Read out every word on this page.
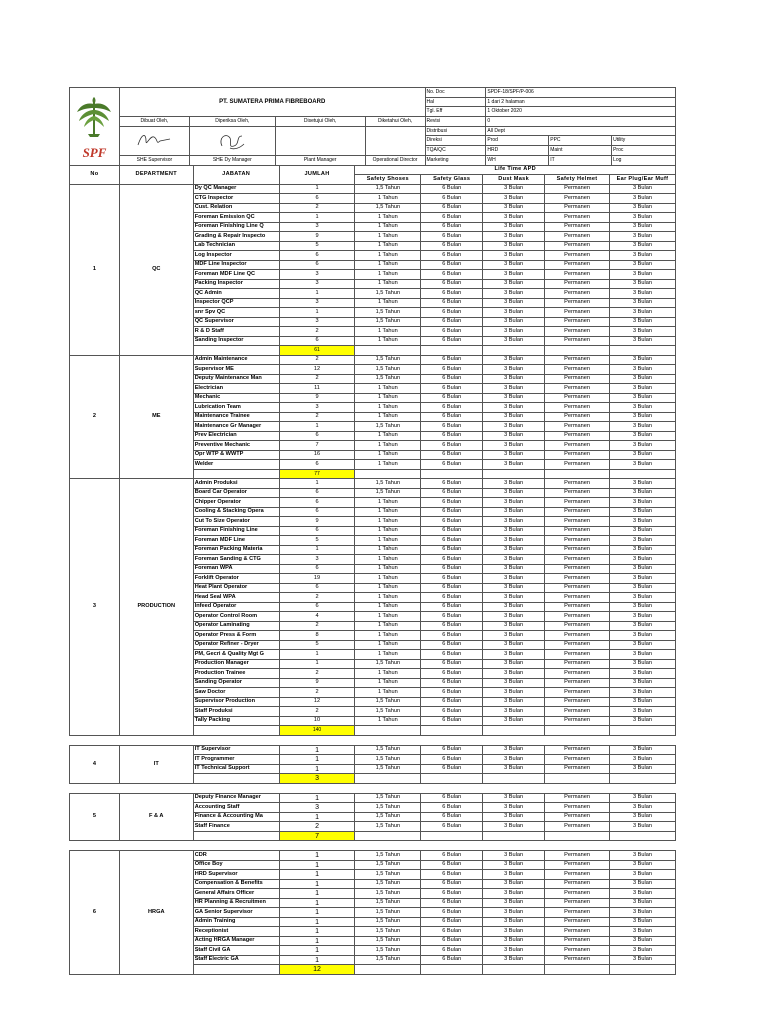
SPF	PT. SUMATERA PRIMA FIBREBOARD				No. Doc	SPDF-18/SPF/P-006		
					Hal	1 dari 2 halaman		
					Tgl. Eff	1 Oktober 2020		
	Dibuat Oleh,	Diperiksa Oleh,	Disetujui Oleh,	Diketahui Oleh,	Revisi	0		
				Distribusi	All Dept		
					Direksi	Prod	PPC	Utility
					TQA/QC	HRD	Maint	Proc
					Marketing	WH	IT	Log
	SHE Supervisor	SHE Dy Manager	Plant Manager	Operational Director				
No	DEPARTMENT	JABATAN	JUMLAH	Life Time APD				
				Safety Shoses	Safety Glass	Dust Mask	Safety Helmet	Ear Plug/Ear Muff
1	QC	Dy QC Manager	1	1,5 Tahun	6 Bulan	3 Bulan	Permanen	3 Bulan
		CTG Inspector	6	1 Tahun	6 Bulan	3 Bulan	Permanen	3 Bulan
		Cust. Relation	2	1,5 Tahun	6 Bulan	3 Bulan	Permanen	3 Bulan
		Foreman Emission QC	1	1 Tahun	6 Bulan	3 Bulan	Permanen	3 Bulan
		Foreman Finishing Line Q	3	1 Tahun	6 Bulan	3 Bulan	Permanen	3 Bulan
		Grading & Repair Inspecto	9	1 Tahun	6 Bulan	3 Bulan	Permanen	3 Bulan
		Lab Technician	5	1 Tahun	6 Bulan	3 Bulan	Permanen	3 Bulan
		Log Inspector	6	1 Tahun	6 Bulan	3 Bulan	Permanen	3 Bulan
		MDF Line Inspector	6	1 Tahun	6 Bulan	3 Bulan	Permanen	3 Bulan
		Foreman MDF Line QC	3	1 Tahun	6 Bulan	3 Bulan	Permanen	3 Bulan
		Packing Inspector	3	1 Tahun	6 Bulan	3 Bulan	Permanen	3 Bulan
		QC Admin	1	1,5 Tahun	6 Bulan	3 Bulan	Permanen	3 Bulan
		Inspector QCP	3	1 Tahun	6 Bulan	3 Bulan	Permanen	3 Bulan
		snr Spv QC	1	1,5 Tahun	6 Bulan	3 Bulan	Permanen	3 Bulan
		QC Supervisor	3	1,5 Tahun	6 Bulan	3 Bulan	Permanen	3 Bulan
		R & D Staff	2	1 Tahun	6 Bulan	3 Bulan	Permanen	3 Bulan
		Sanding Inspector	6	1 Tahun	6 Bulan	3 Bulan	Permanen	3 Bulan
			61					
2	ME	Admin Maintenance	2	1,5 Tahun	6 Bulan	3 Bulan	Permanen	3 Bulan
		Supervisor ME	12	1,5 Tahun	6 Bulan	3 Bulan	Permanen	3 Bulan
		Deputy Maintenance Man	2	1,5 Tahun	6 Bulan	3 Bulan	Permanen	3 Bulan
		Electrician	11	1 Tahun	6 Bulan	3 Bulan	Permanen	3 Bulan
		Mechanic	9	1 Tahun	6 Bulan	3 Bulan	Permanen	3 Bulan
		Lubrication Team	3	1 Tahun	6 Bulan	3 Bulan	Permanen	3 Bulan
		Maintenance Trainee	2	1 Tahun	6 Bulan	3 Bulan	Permanen	3 Bulan
		Maintenance Gr Manager	1	1,5 Tahun	6 Bulan	3 Bulan	Permanen	3 Bulan
		Prev Electrician	6	1 Tahun	6 Bulan	3 Bulan	Permanen	3 Bulan
		Preventive Mechanic	7	1 Tahun	6 Bulan	3 Bulan	Permanen	3 Bulan
		Opr WTP & WWTP	16	1 Tahun	6 Bulan	3 Bulan	Permanen	3 Bulan
		Welder	6	1 Tahun	6 Bulan	3 Bulan	Permanen	3 Bulan
			77					
3	PRODUCTION	Admin Produksi	1	1,5 Tahun	6 Bulan	3 Bulan	Permanen	3 Bulan
		Board Car Operator	6	1,5 Tahun	6 Bulan	3 Bulan	Permanen	3 Bulan
		Chipper Operator	6	1 Tahun	6 Bulan	3 Bulan	Permanen	3 Bulan
		Cooling & Stacking Opera	6	1 Tahun	6 Bulan	3 Bulan	Permanen	3 Bulan
		Cut To Size Operator	9	1 Tahun	6 Bulan	3 Bulan	Permanen	3 Bulan
		Foreman Finishing Line	6	1 Tahun	6 Bulan	3 Bulan	Permanen	3 Bulan
		Foreman MDF Line	5	1 Tahun	6 Bulan	3 Bulan	Permanen	3 Bulan
		Foreman Packing Materia	1	1 Tahun	6 Bulan	3 Bulan	Permanen	3 Bulan
		Foreman Sanding & CTG	3	1 Tahun	6 Bulan	3 Bulan	Permanen	3 Bulan
		Foreman WPA	6	1 Tahun	6 Bulan	3 Bulan	Permanen	3 Bulan
		Forklift Operator	19	1 Tahun	6 Bulan	3 Bulan	Permanen	3 Bulan
		Heat Plant Operator	6	1 Tahun	6 Bulan	3 Bulan	Permanen	3 Bulan
		Head Seal WPA	2	1 Tahun	6 Bulan	3 Bulan	Permanen	3 Bulan
		Infeed Operator	6	1 Tahun	6 Bulan	3 Bulan	Permanen	3 Bulan
		Operator Control Room	4	1 Tahun	6 Bulan	3 Bulan	Permanen	3 Bulan
		Operator Laminating	2	1 Tahun	6 Bulan	3 Bulan	Permanen	3 Bulan
		Operator Press & Form	8	1 Tahun	6 Bulan	3 Bulan	Permanen	3 Bulan
		Operator Refiner - Dryer	5	1 Tahun	6 Bulan	3 Bulan	Permanen	3 Bulan
		PM, Gecri & Quality Mgt G	1	1 Tahun	6 Bulan	3 Bulan	Permanen	3 Bulan
		Production Manager	1	1,5 Tahun	6 Bulan	3 Bulan	Permanen	3 Bulan
		Production Trainee	2	1 Tahun	6 Bulan	3 Bulan	Permanen	3 Bulan
		Sanding Operator	9	1 Tahun	6 Bulan	3 Bulan	Permanen	3 Bulan
		Saw Doctor	2	1 Tahun	6 Bulan	3 Bulan	Permanen	3 Bulan
		Supervisor Production	12	1,5 Tahun	6 Bulan	3 Bulan	Permanen	3 Bulan
		Staff Produksi	2	1,5 Tahun	6 Bulan	3 Bulan	Permanen	3 Bulan
		Tally Packing	10	1 Tahun	6 Bulan	3 Bulan	Permanen	3 Bulan
			140					

4	IT	IT Supervisor	1	1,5 Tahun	6 Bulan	3 Bulan	Permanen	3 Bulan
		IT Programmer	1	1,5 Tahun	6 Bulan	3 Bulan	Permanen	3 Bulan
		IT Technical Support	1	1,5 Tahun	6 Bulan	3 Bulan	Permanen	3 Bulan
			3					

5	F & A	Deputy Finance Manager	1	1,5 Tahun	6 Bulan	3 Bulan	Permanen	3 Bulan
		Accounting Staff	3	1,5 Tahun	6 Bulan	3 Bulan	Permanen	3 Bulan
		Finance & Accounting Ma	1	1,5 Tahun	6 Bulan	3 Bulan	Permanen	3 Bulan
		Staff Finance	2	1,5 Tahun	6 Bulan	3 Bulan	Permanen	3 Bulan
			7					

6	HRGA	CDR	1	1,5 Tahun	6 Bulan	3 Bulan	Permanen	3 Bulan
		Office Boy	1	1,5 Tahun	6 Bulan	3 Bulan	Permanen	3 Bulan
		HRD Supervisor	1	1,5 Tahun	6 Bulan	3 Bulan	Permanen	3 Bulan
		Compensation & Benefits	1	1,5 Tahun	6 Bulan	3 Bulan	Permanen	3 Bulan
		General Affairs Officer	1	1,5 Tahun	6 Bulan	3 Bulan	Permanen	3 Bulan
		HR Planning & Recruitmen	1	1,5 Tahun	6 Bulan	3 Bulan	Permanen	3 Bulan
		GA Senior Supervisor	1	1,5 Tahun	6 Bulan	3 Bulan	Permanen	3 Bulan
		Admin Training	1	1,5 Tahun	6 Bulan	3 Bulan	Permanen	3 Bulan
		Receptionist	1	1,5 Tahun	6 Bulan	3 Bulan	Permanen	3 Bulan
		Acting HRGA Manager	1	1,5 Tahun	6 Bulan	3 Bulan	Permanen	3 Bulan
		Staff Civil GA	1	1,5 Tahun	6 Bulan	3 Bulan	Permanen	3 Bulan
		Staff Electric GA	1	1,5 Tahun	6 Bulan	3 Bulan	Permanen	3 Bulan
			12					
